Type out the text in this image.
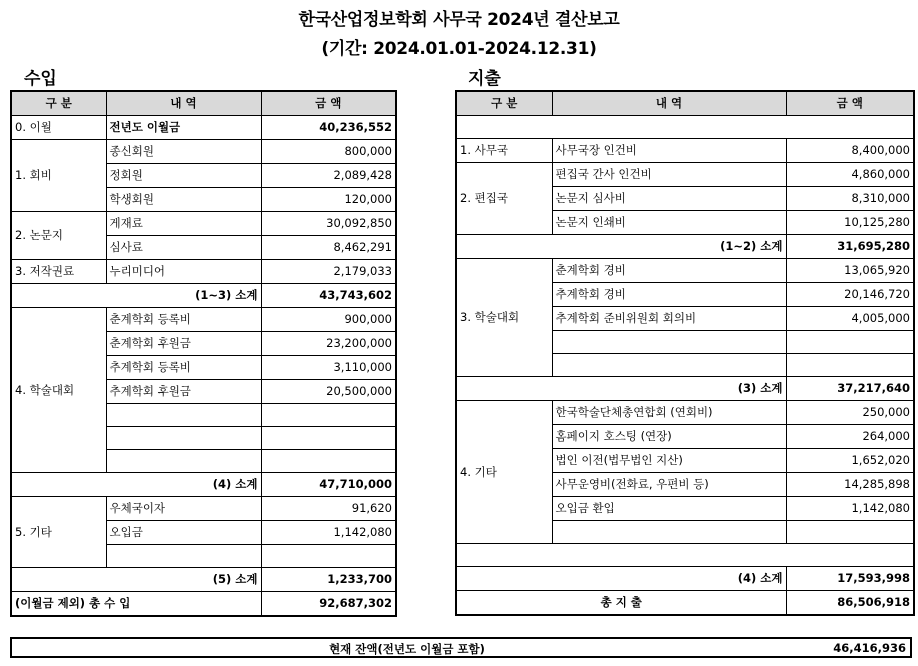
한국산업정보학회 사무국 2024년 결산보고
(기간: 2024.01.01-2024.12.31)
수입	지출
구 분	내 역	금 액
0. 이월	전년도 이월금	40,236,552
1. 회비	종신회원	800,000
	정회원	2,089,428
	학생회원	120,000
2. 논문지	게재료	30,092,850
	심사료	8,462,291
3. 저작권료	누리미디어	2,179,033
(1~3) 소계		43,743,602
4. 학술대회	춘계학회 등록비	900,000
	춘계학회 후원금	23,200,000
	추계학회 등록비	3,110,000
	추계학회 후원금	20,500,000

(4) 소계		47,710,000
5. 기타	우체국이자	91,620
	오입금	1,142,080

(5) 소계		1,233,700
(이월금 제외) 총 수 입		92,687,302
구 분	내 역	금 액

1. 사무국	사무국장 인건비	8,400,000
2. 편집국	편집국 간사 인건비	4,860,000
	논문지 심사비	8,310,000
	논문지 인쇄비	10,125,280
(1~2) 소계		31,695,280
3. 학술대회	춘계학회 경비	13,065,920
	추계학회 경비	20,146,720
	추계학회 준비위원회 회의비	4,005,000

(3) 소계		37,217,640
4. 기타	한국학술단체총연합회 (연회비)	250,000
	홈페이지 호스팅 (연장)	264,000
	법인 이전(법무법인 지산)	1,652,020
	사무운영비(전화료, 우편비 등)	14,285,898
	오입금 환입	1,142,080

(4) 소계		17,593,998
총 지 출		86,506,918
현재 잔액(전년도 이월금 포함)	46,416,936
